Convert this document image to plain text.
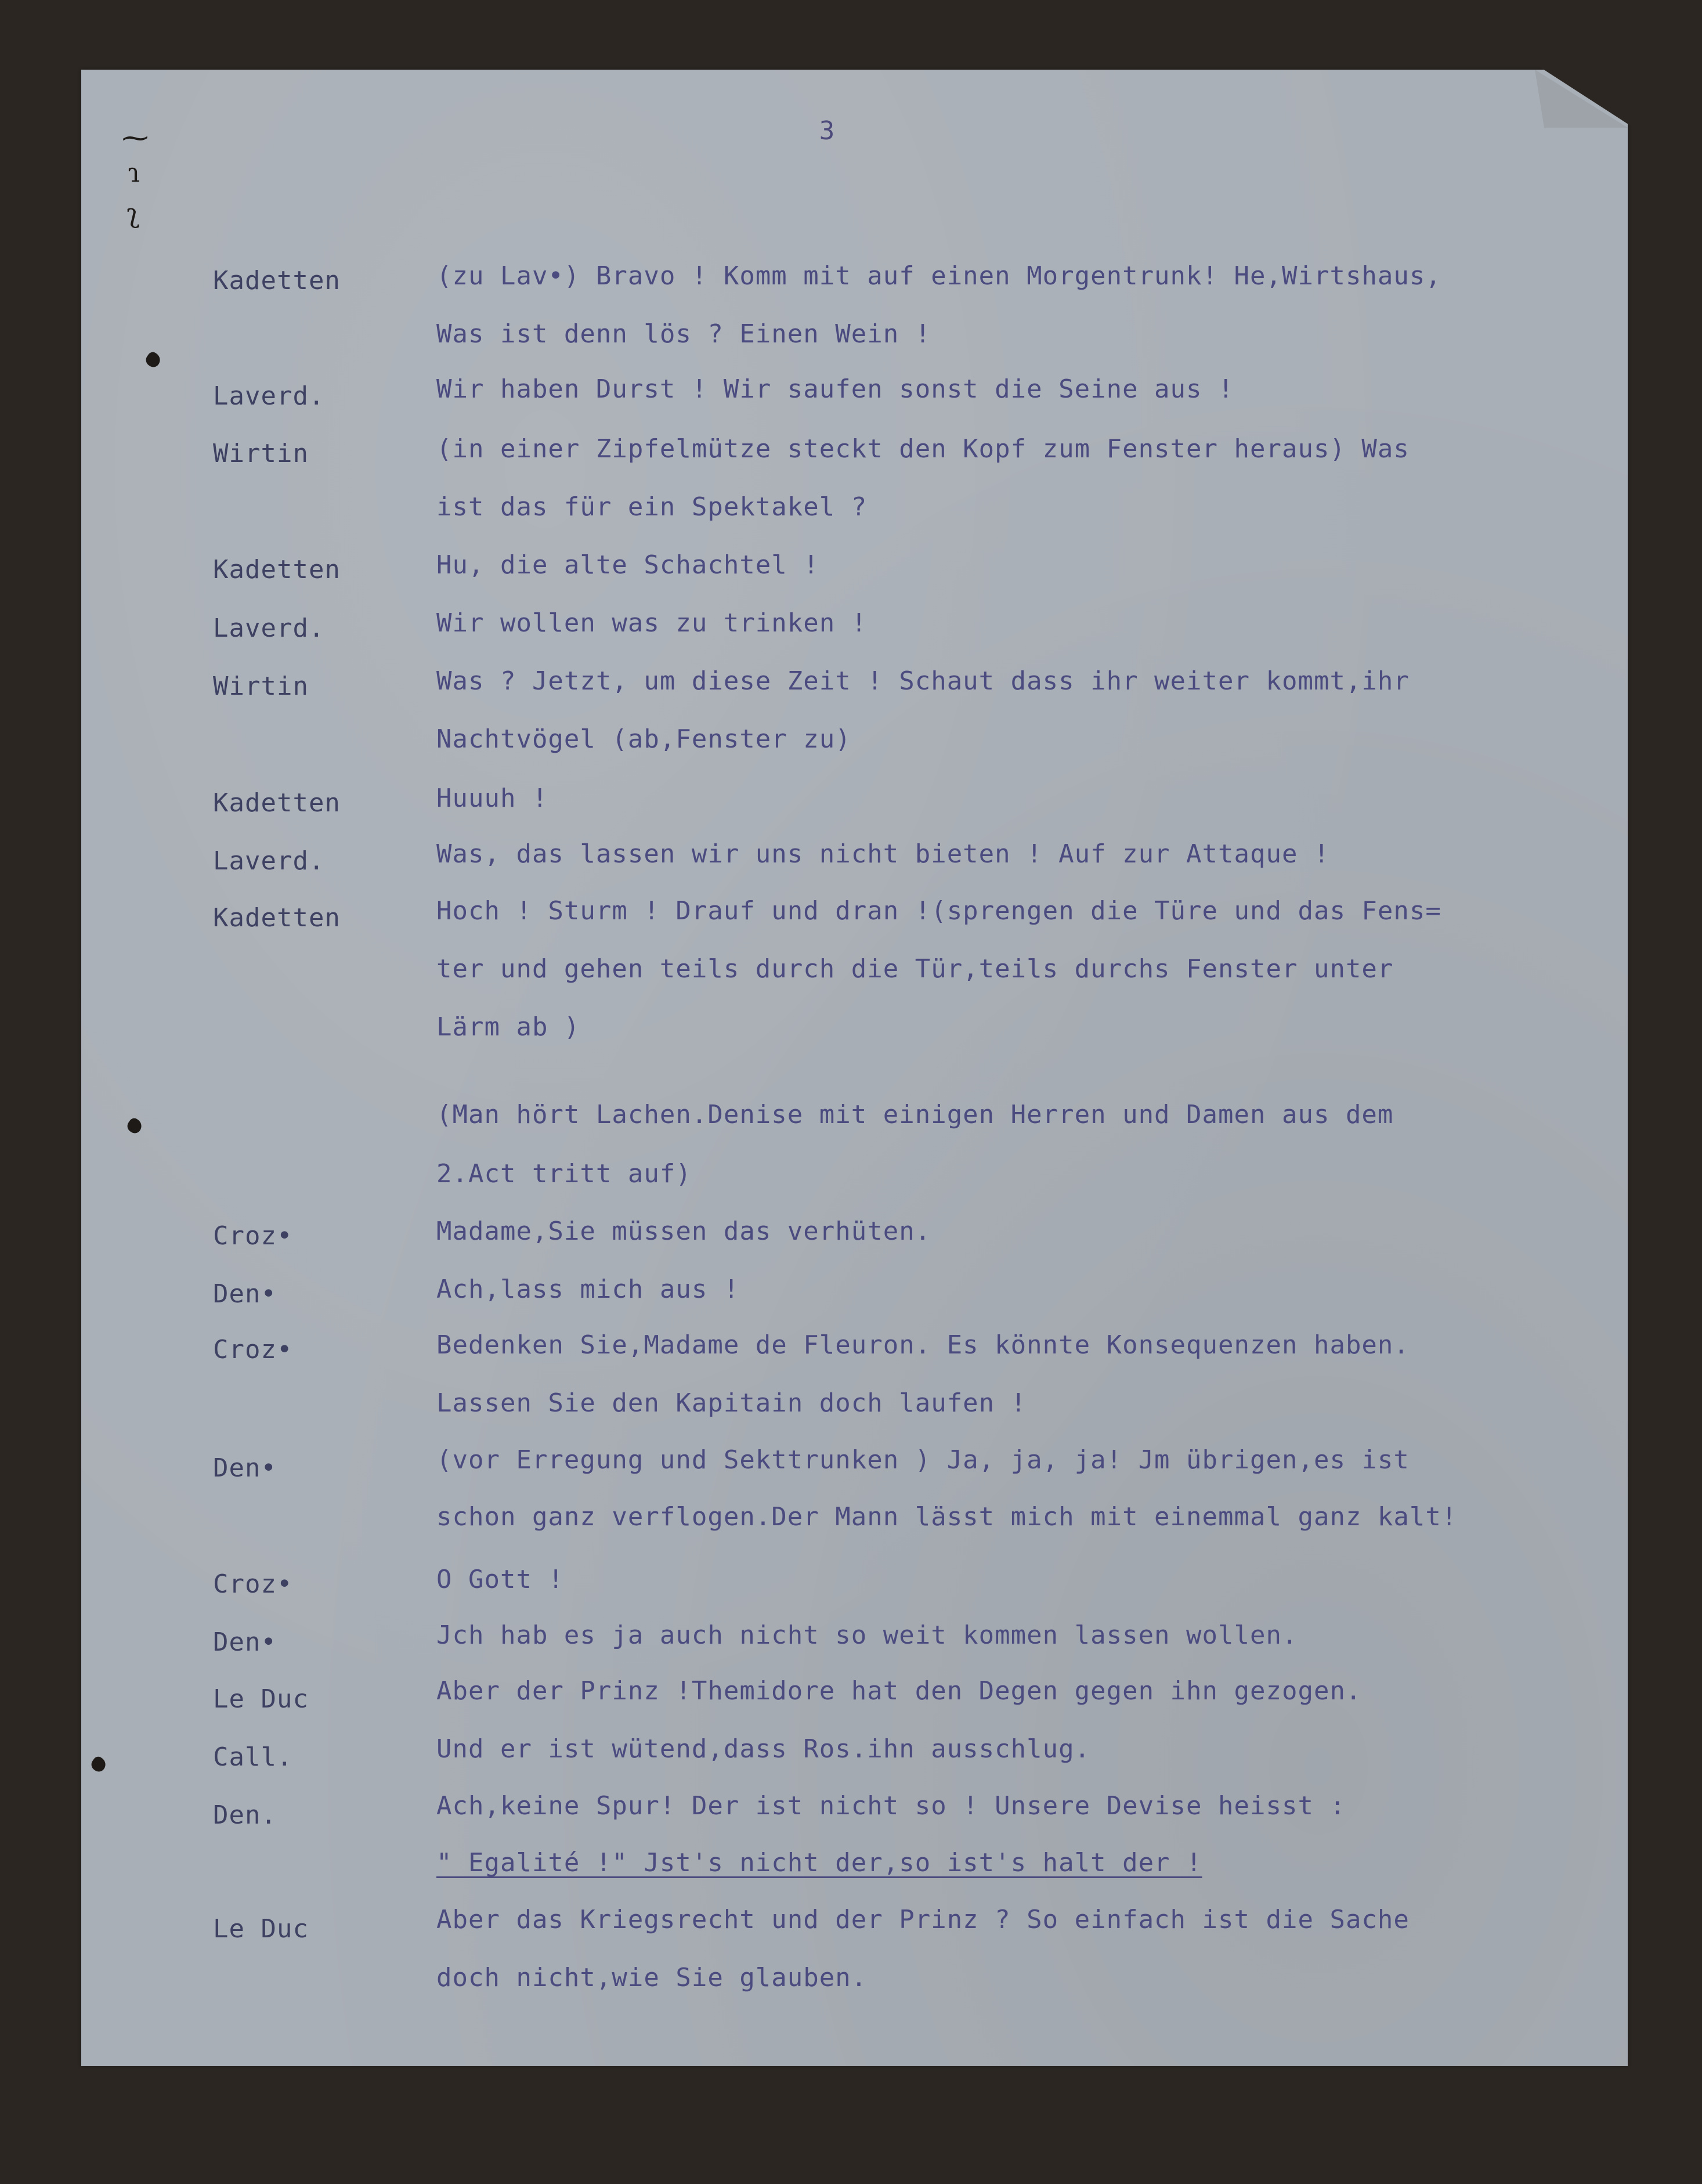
3
⁓
ɿ
ʅ
Kadetten	(zu Lav•) Bravo ! Komm mit auf einen Morgentrunk! He,Wirtshaus,
Was ist denn lös ? Einen Wein !
Laverd.	Wir haben Durst ! Wir saufen sonst die Seine aus !
Wirtin	(in einer Zipfelmütze steckt den Kopf zum Fenster heraus) Was
ist das für ein Spektakel ?
Kadetten	Hu, die alte Schachtel !
Laverd.	Wir wollen was zu trinken !
Wirtin	Was ? Jetzt, um diese Zeit ! Schaut dass ihr weiter kommt,ihr
Nachtvögel (ab,Fenster zu)
Kadetten	Huuuh !
Laverd.	Was, das lassen wir uns nicht bieten ! Auf zur Attaque !
Kadetten	Hoch ! Sturm ! Drauf und dran !(sprengen die Türe und das Fens=
ter und gehen teils durch die Tür,teils durchs Fenster unter
Lärm ab )
(Man hört Lachen.Denise mit einigen Herren und Damen aus dem
2.Act tritt auf)
Croz•	Madame,Sie müssen das verhüten.
Den•	Ach,lass mich aus !
Croz•	Bedenken Sie,Madame de Fleuron. Es könnte Konsequenzen haben.
Lassen Sie den Kapitain doch laufen !
Den•	(vor Erregung und Sekttrunken ) Ja, ja, ja! Jm übrigen,es ist
schon ganz verflogen.Der Mann lässt mich mit einemmal ganz kalt!
Croz•	O Gott !
Den•	Jch hab es ja auch nicht so weit kommen lassen wollen.
Le Duc	Aber der Prinz !Themidore hat den Degen gegen ihn gezogen.
Call.	Und er ist wütend,dass Ros.ihn ausschlug.
Den.	Ach,keine Spur! Der ist nicht so ! Unsere Devise heisst :
" Egalité !" Jst's nicht der,so ist's halt der !
Le Duc	Aber das Kriegsrecht und der Prinz ? So einfach ist die Sache
doch nicht,wie Sie glauben.
